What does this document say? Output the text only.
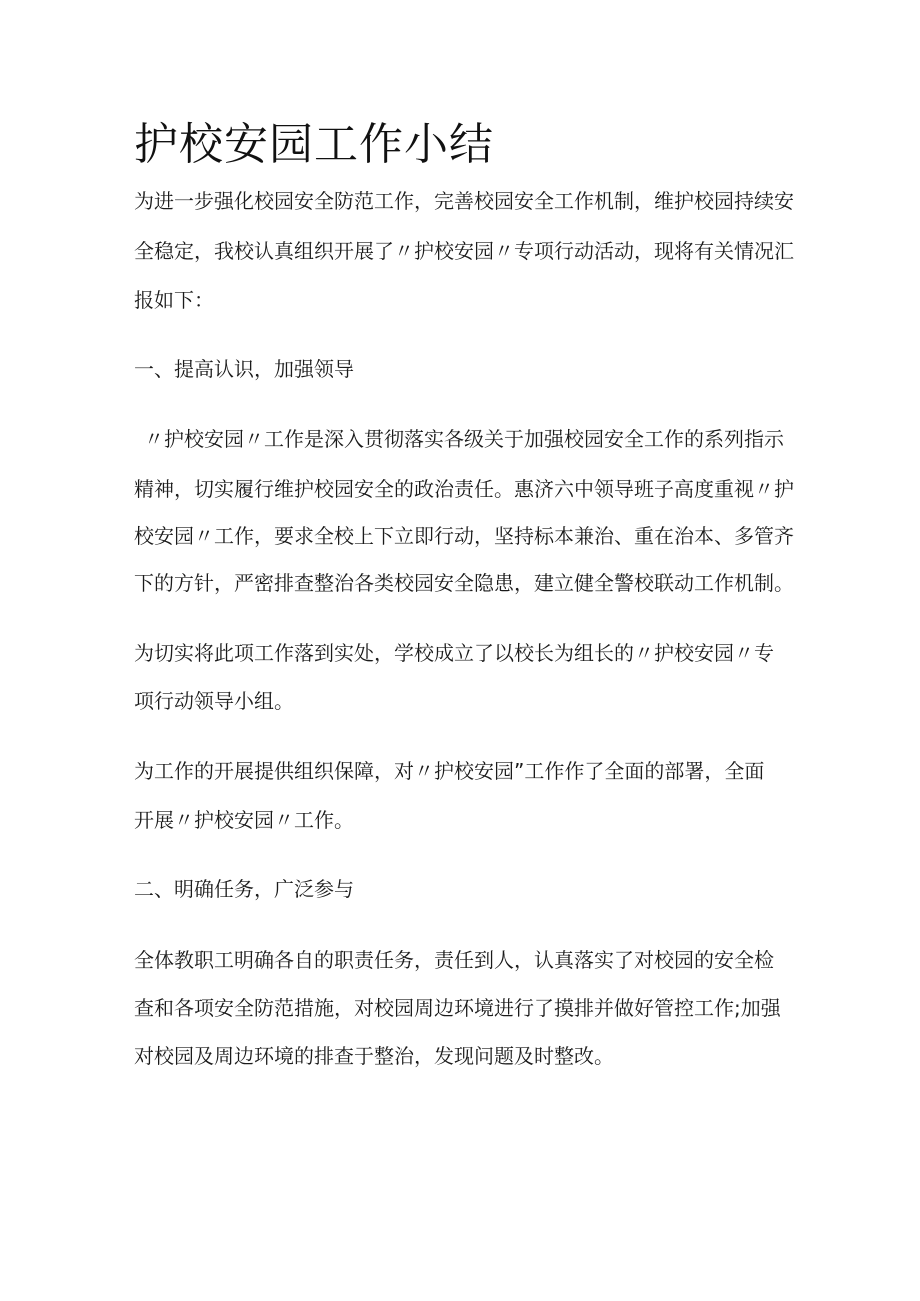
护校安园工作小结

为进一步强化校园安全防范工作，完善校园安全工作机制，维护校园持续安

全稳定，我校认真组织开展了〃护校安园〃专项行动活动，现将有关情况汇

报如下：

一、提高认识，加强领导

〃护校安园〃工作是深入贯彻落实各级关于加强校园安全工作的系列指示

精神，切实履行维护校园安全的政治责任。惠济六中领导班子高度重视〃护

校安园〃工作，要求全校上下立即行动，坚持标本兼治、重在治本、多管齐

下的方针，严密排查整治各类校园安全隐患，建立健全警校联动工作机制。

为切实将此项工作落到实处，学校成立了以校长为组长的〃护校安园〃专

项行动领导小组。

为工作的开展提供组织保障，对〃护校安园”工作作了全面的部署，全面

开展〃护校安园〃工作。

二、明确任务，广泛参与

全体教职工明确各自的职责任务，责任到人，认真落实了对校园的安全检

查和各项安全防范措施，对校园周边环境进行了摸排并做好管控工作;加强

对校园及周边环境的排查于整治，发现问题及时整改。
